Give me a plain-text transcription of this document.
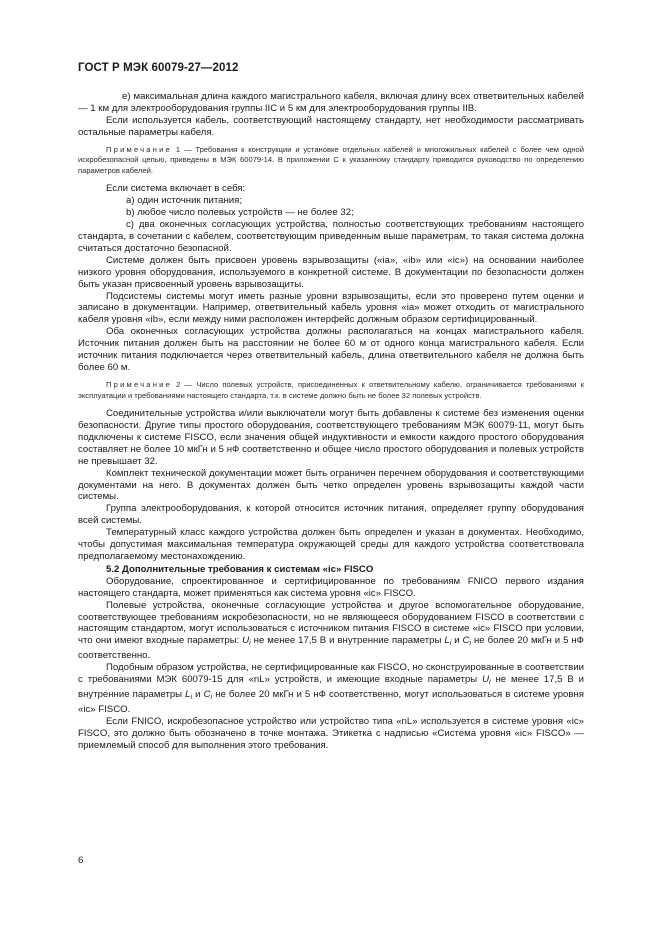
ГОСТ Р МЭК 60079-27—2012

e) максимальная длина каждого магистрального кабеля, включая длину всех ответвительных кабелей — 1 км для электрооборудования группы IIC и 5 км для электрооборудования группы IIB.

Если используется кабель, соответствующий настоящему стандарту, нет необходимости рассматривать остальные параметры кабеля.

Примечание 1 — Требования к конструкции и установке отдельных кабелей и многожильных кабелей с более чем одной искробезопасной цепью, приведены в МЭК 60079-14. В приложении С к указанному стандарту приводится руководство по определению параметров кабелей.

Если система включает в себя:

a) один источник питания;

b) любое число полевых устройств — не более 32;

c) два оконечных согласующих устройства, полностью соответствующих требованиям настоящего стандарта, в сочетании с кабелем, соответствующим приведенным выше параметрам, то такая система должна считаться достаточно безопасной.

Системе должен быть присвоен уровень взрывозащиты («ia», «ib» или «ic») на основании наиболее низкого уровня оборудования, используемого в конкретной системе. В документации по безопасности должен быть указан присвоенный уровень взрывозащиты.

Подсистемы системы могут иметь разные уровни взрывозащиты, если это проверено путем оценки и записано в документации. Например, ответвительный кабель уровня «ia» может отходить от магистрального кабеля уровня «ib», если между ними расположен интерфейс должным образом сертифицированный.

Оба оконечных согласующих устройства должны располагаться на концах магистрального кабеля. Источник питания должен быть на расстоянии не более 60 м от одного конца магистрального кабеля. Если источник питания подключается через ответвительный кабель, длина ответвительного кабеля не должна быть более 60 м.

Примечание 2 — Число полевых устройств, присоединенных к ответвительному кабелю, ограничивается требованиями к эксплуатации и требованиями настоящего стандарта, т.к. в системе должно быть не более 32 полевых устройств.

Соединительные устройства и/или выключатели могут быть добавлены к системе без изменения оценки безопасности. Другие типы простого оборудования, соответствующего требованиям МЭК 60079-11, могут быть подключены к системе FISCO, если значения общей индуктивности и емкости каждого простого оборудования составляет не более 10 мкГн и 5 нФ соответственно и общее число простого оборудования и полевых устройств не превышает 32.

Комплект технической документации может быть ограничен перечнем оборудования и соответствующими документами на него. В документах должен быть четко определен уровень взрывозащиты каждой части системы.

Группа электрооборудования, к которой относится источник питания, определяет группу оборудования всей системы.

Температурный класс каждого устройства должен быть определен и указан в документах. Необходимо, чтобы допустимая максимальная температура окружающей среды для каждого устройства соответствовала предполагаемому местонахождению.

5.2 Дополнительные требования к системам «ic» FISCO

Оборудование, спроектированное и сертифицированное по требованиям FNICO первого издания настоящего стандарта, может применяться как система уровня «ic» FISCO.

Полевые устройства, оконечные согласующие устройства и другое вспомогательное оборудование, соответствующее требованиям искробезопасности, но не являющееся оборудованием FISCO в соответствии с настоящим стандартом, могут использоваться с источником питания FISCO в системе «ic» FISCO при условии, что они имеют входные параметры: $U_i$ не менее 17,5 В и внутренние параметры $L_i$ и $C_i$ не более 20 мкГн и 5 нФ соответственно.

Подобным образом устройства, не сертифицированные как FISCO, но сконструированные в соответствии с требованиями МЭК 60079-15 для «nL» устройств, и имеющие входные параметры $U_i$ не менее 17,5 В и внутренние параметры $L_i$ и $C_i$ не более 20 мкГн и 5 нФ соответственно, могут использоваться в системе уровня «ic» FISCO.

Если FNICO, искробезопасное устройство или устройство типа «nL» используется в системе уровня «ic» FISCO, это должно быть обозначено в точке монтажа. Этикетка с надписью «Система уровня «ic» FISCO» — приемлемый способ для выполнения этого требования.

6
